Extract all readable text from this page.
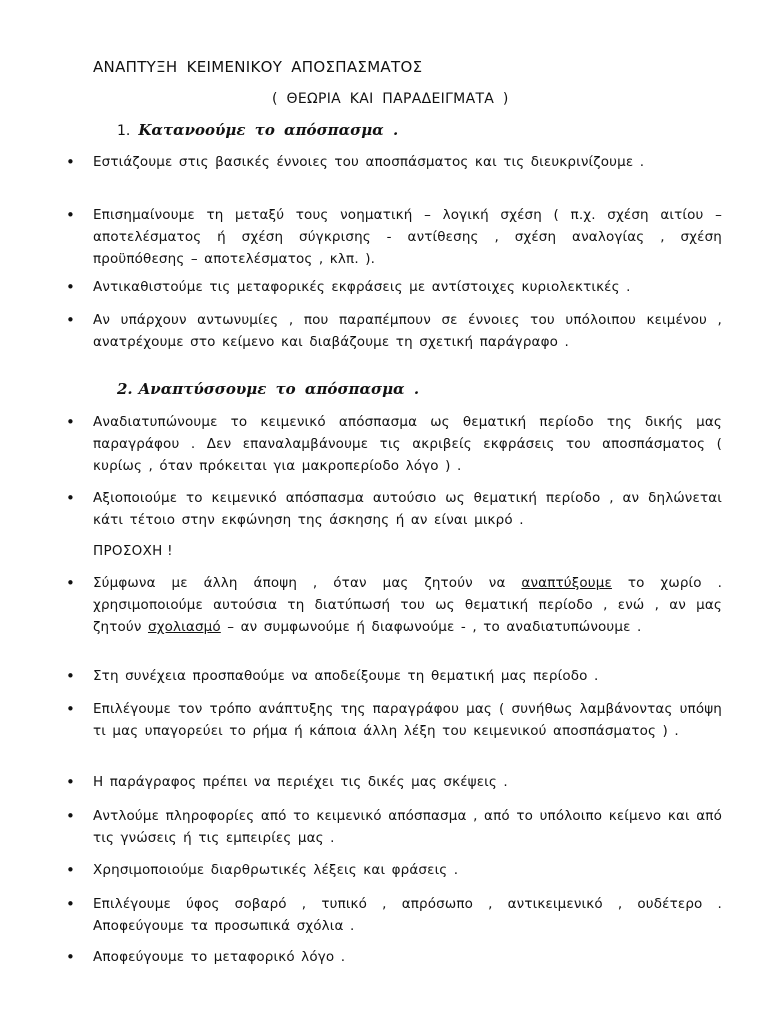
ΑΝΑΠΤΥΞΗ ΚΕΙΜΕΝΙΚΟΥ ΑΠΟΣΠΑΣΜΑΤΟΣ
( ΘΕΩΡΙΑ ΚΑΙ ΠΑΡΑΔΕΙΓΜΑΤΑ )
1. Κατανοούμε το απόσπασμα .
• Εστιάζουμε στις βασικές έννοιες του αποσπάσματος και τις διευκρινίζουμε .
• Επισημαίνουμε τη μεταξύ τους νοηματική – λογική σχέση ( π.χ. σχέση αιτίου – αποτελέσματος ή σχέση σύγκρισης - αντίθεσης , σχέση αναλογίας , σχέση προϋπόθεσης – αποτελέσματος , κλπ. ).
• Αντικαθιστούμε τις μεταφορικές εκφράσεις με αντίστοιχες κυριολεκτικές .
• Αν υπάρχουν αντωνυμίες , που παραπέμπουν σε έννοιες του υπόλοιπου κειμένου , ανατρέχουμε στο κείμενο και διαβάζουμε τη σχετική παράγραφο .
2. Αναπτύσσουμε το απόσπασμα .
• Αναδιατυπώνουμε το κειμενικό απόσπασμα ως θεματική περίοδο της δικής μας παραγράφου . Δεν επαναλαμβάνουμε τις ακριβείς εκφράσεις του αποσπάσματος ( κυρίως , όταν πρόκειται για μακροπερίοδο λόγο ) .
• Αξιοποιούμε το κειμενικό απόσπασμα αυτούσιο ως θεματική περίοδο , αν δηλώνεται κάτι τέτοιο στην εκφώνηση της άσκησης ή αν είναι μικρό .
ΠΡΟΣΟΧΗ !
• Σύμφωνα με άλλη άποψη , όταν μας ζητούν να αναπτύξουμε το χωρίο . χρησιμοποιούμε αυτούσια τη διατύπωσή του ως θεματική περίοδο , ενώ , αν μας ζητούν σχολιασμό – αν συμφωνούμε ή διαφωνούμε - , το αναδιατυπώνουμε .
• Στη συνέχεια προσπαθούμε να αποδείξουμε τη θεματική μας περίοδο .
• Επιλέγουμε τον τρόπο ανάπτυξης της παραγράφου μας ( συνήθως λαμβάνοντας υπόψη τι μας υπαγορεύει το ρήμα ή κάποια άλλη λέξη του κειμενικού αποσπάσματος ) .
• Η παράγραφος πρέπει να περιέχει τις δικές μας σκέψεις .
• Αντλούμε πληροφορίες από το κειμενικό απόσπασμα , από το υπόλοιπο κείμενο και από τις γνώσεις ή τις εμπειρίες μας .
• Χρησιμοποιούμε διαρθρωτικές λέξεις και φράσεις .
• Επιλέγουμε ύφος σοβαρό , τυπικό , απρόσωπο , αντικειμενικό , ουδέτερο . Αποφεύγουμε τα προσωπικά σχόλια .
• Αποφεύγουμε το μεταφορικό λόγο .
